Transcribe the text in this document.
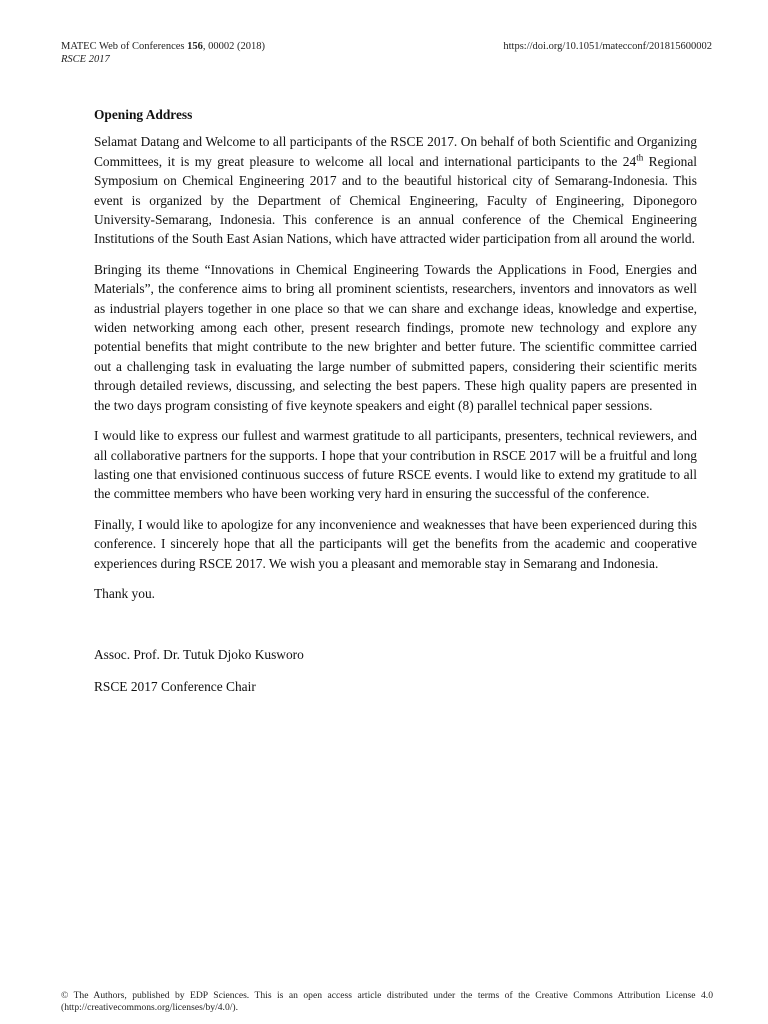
MATEC Web of Conferences 156, 00002 (2018)	https://doi.org/10.1051/matecconf/201815600002
RSCE 2017

Opening Address

Selamat Datang and Welcome to all participants of the RSCE 2017. On behalf of both Scientific and Organizing Committees, it is my great pleasure to welcome all local and international participants to the 24th Regional Symposium on Chemical Engineering 2017 and to the beautiful historical city of Semarang-Indonesia. This event is organized by the Department of Chemical Engineering, Faculty of Engineering, Diponegoro University-Semarang, Indonesia. This conference is an annual conference of the Chemical Engineering Institutions of the South East Asian Nations, which have attracted wider participation from all around the world.

Bringing its theme “Innovations in Chemical Engineering Towards the Applications in Food, Energies and Materials”, the conference aims to bring all prominent scientists, researchers, inventors and innovators as well as industrial players together in one place so that we can share and exchange ideas, knowledge and expertise, widen networking among each other, present research findings, promote new technology and explore any potential benefits that might contribute to the new brighter and better future. The scientific committee carried out a challenging task in evaluating the large number of submitted papers, considering their scientific merits through detailed reviews, discussing, and selecting the best papers. These high quality papers are presented in the two days program consisting of five keynote speakers and eight (8) parallel technical paper sessions.

I would like to express our fullest and warmest gratitude to all participants, presenters, technical reviewers, and all collaborative partners for the supports. I hope that your contribution in RSCE 2017 will be a fruitful and long lasting one that envisioned continuous success of future RSCE events. I would like to extend my gratitude to all the committee members who have been working very hard in ensuring the successful of the conference.

Finally, I would like to apologize for any inconvenience and weaknesses that have been experienced during this conference. I sincerely hope that all the participants will get the benefits from the academic and cooperative experiences during RSCE 2017. We wish you a pleasant and memorable stay in Semarang and Indonesia.

Thank you.

Assoc. Prof. Dr. Tutuk Djoko Kusworo

RSCE 2017 Conference Chair

© The Authors, published by EDP Sciences. This is an open access article distributed under the terms of the Creative Commons Attribution License 4.0 (http://creativecommons.org/licenses/by/4.0/).
